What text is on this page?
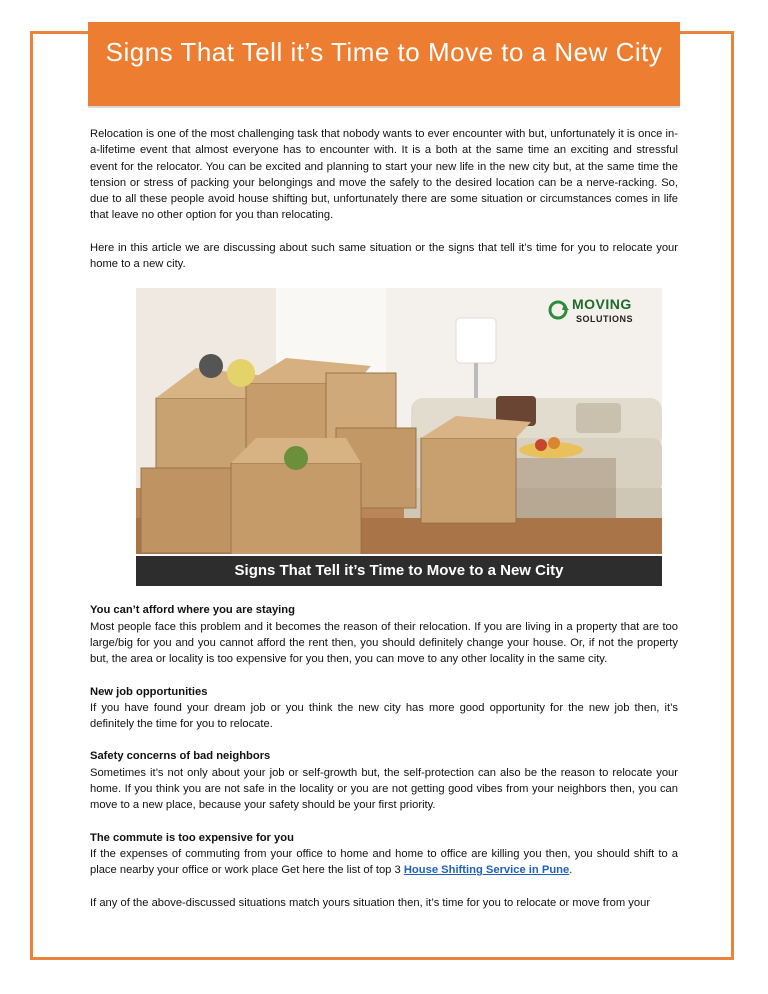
Signs That Tell it’s Time to Move to a New City

Relocation is one of the most challenging task that nobody wants to ever encounter with but, unfortunately it is once in-a-lifetime event that almost everyone has to encounter with. It is a both at the same time an exciting and stressful event for the relocator. You can be excited and planning to start your new life in the new city but, at the same time the tension or stress of packing your belongings and move the safely to the desired location can be a nerve-racking. So, due to all these people avoid house shifting but, unfortunately there are some situation or circumstances comes in life that leave no other option for you than relocating.

Here in this article we are discussing about such same situation or the signs that tell it’s time for you to relocate your home to a new city.

MOVING
SOLUTIONS
Signs That Tell it’s Time to Move to a New City
You can’t afford where you are staying

Most people face this problem and it becomes the reason of their relocation. If you are living in a property that are too large/big for you and you cannot afford the rent then, you should definitely change your house. Or, if not the property but, the area or locality is too expensive for you then, you can move to any other locality in the same city.

New job opportunities

If you have found your dream job or you think the new city has more good opportunity for the new job then, it’s definitely the time for you to relocate.

Safety concerns of bad neighbors

Sometimes it’s not only about your job or self-growth but, the self-protection can also be the reason to relocate your home. If you think you are not safe in the locality or you are not getting good vibes from your neighbors then, you can move to a new place, because your safety should be your first priority.

The commute is too expensive for you

If the expenses of commuting from your office to home and home to office are killing you then, you should shift to a place nearby your office or work place Get here the list of top 3 House Shifting Service in Pune.

If any of the above-discussed situations match yours situation then, it’s time for you to relocate or move from your
